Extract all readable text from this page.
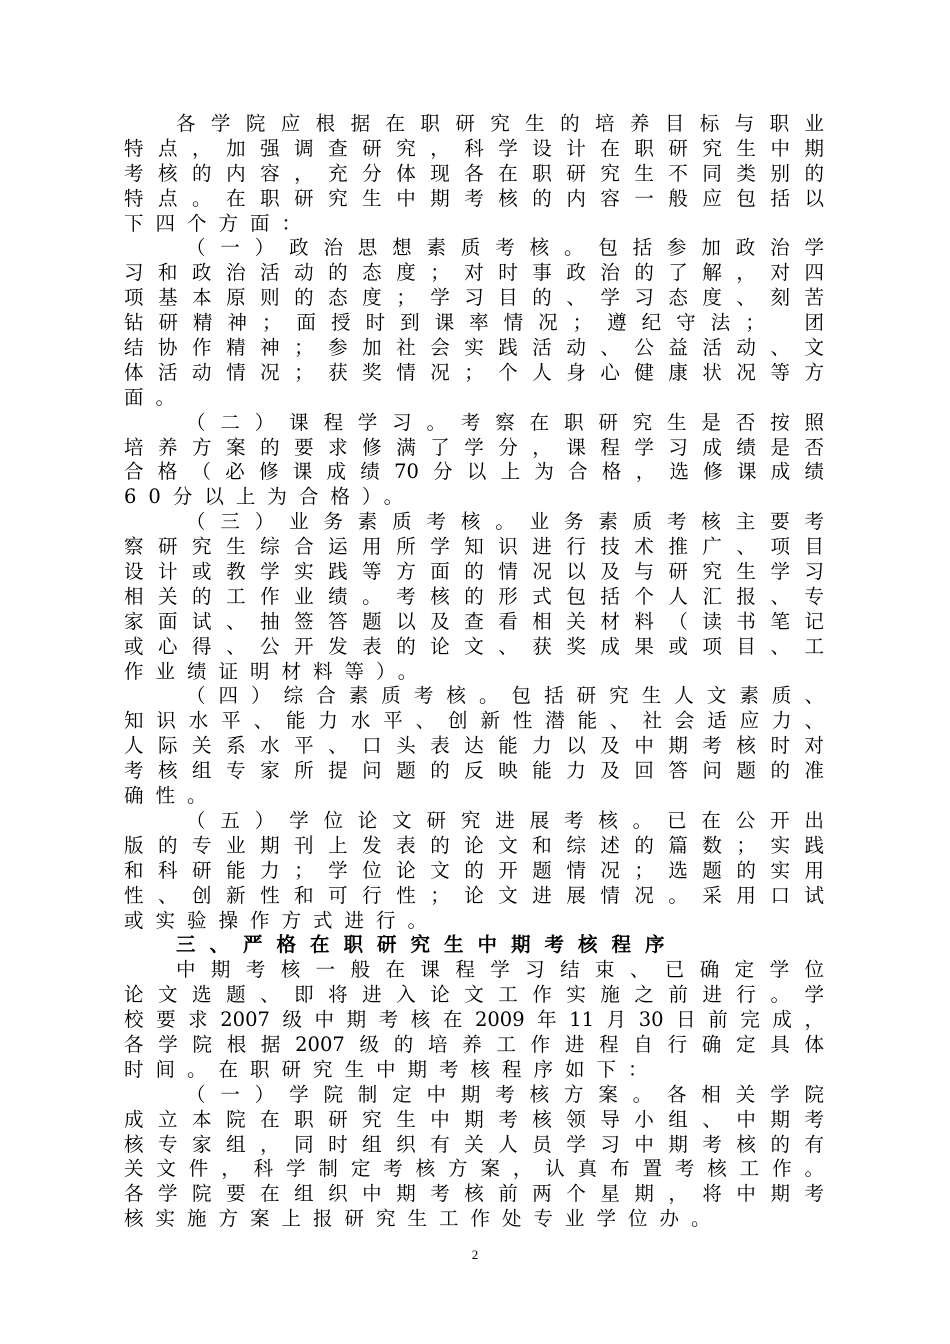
各学院应根据在职研究生的培养目标与职业
特点，加强调查研究，科学设计在职研究生中期
考核的内容，充分体现各在职研究生不同类别的
特点。在职研究生中期考核的内容一般应包括以
下四个方面：
（一）政治思想素质考核。包括参加政治学
习和政治活动的态度；对时事政治的了解，对四
项基本原则的态度；学习目的、学习态度、刻苦
钻研精神；面授时到课率情况；遵纪守法；　团
结协作精神；参加社会实践活动、公益活动、文
体活动情况；获奖情况；个人身心健康状况等方
面。
（二）课程学习。考察在职研究生是否按照
培养方案的要求修满了学分，课程学习成绩是否
合格（必修课成绩70分以上为合格，选修课成绩
60分以上为合格）。
（三）业务素质考核。业务素质考核主要考
察研究生综合运用所学知识进行技术推广、项目
设计或教学实践等方面的情况以及与研究生学习
相关的工作业绩。考核的形式包括个人汇报、专
家面试、抽签答题以及查看相关材料（读书笔记
或心得、公开发表的论文、获奖成果或项目、工
作业绩证明材料等）。
（四）综合素质考核。包括研究生人文素质、
知识水平、能力水平、创新性潜能、社会适应力、
人际关系水平、口头表达能力以及中期考核时对
考核组专家所提问题的反映能力及回答问题的准
确性。
（五）学位论文研究进展考核。已在公开出
版的专业期刊上发表的论文和综述的篇数；实践
和科研能力；学位论文的开题情况；选题的实用
性、创新性和可行性；论文进展情况。采用口试
或实验操作方式进行。
三、严格在职研究生中期考核程序
中期考核一般在课程学习结束、已确定学位
论文选题、即将进入论文工作实施之前进行。学
校要求2007级中期考核在2009年11月30日前完成，
各学院根据2007级的培养工作进程自行确定具体
时间。在职研究生中期考核程序如下：
（一）学院制定中期考核方案。各相关学院
成立本院在职研究生中期考核领导小组、中期考
核专家组，同时组织有关人员学习中期考核的有
关文件，科学制定考核方案，认真布置考核工作。
各学院要在组织中期考核前两个星期，将中期考
核实施方案上报研究生工作处专业学位办。
2
